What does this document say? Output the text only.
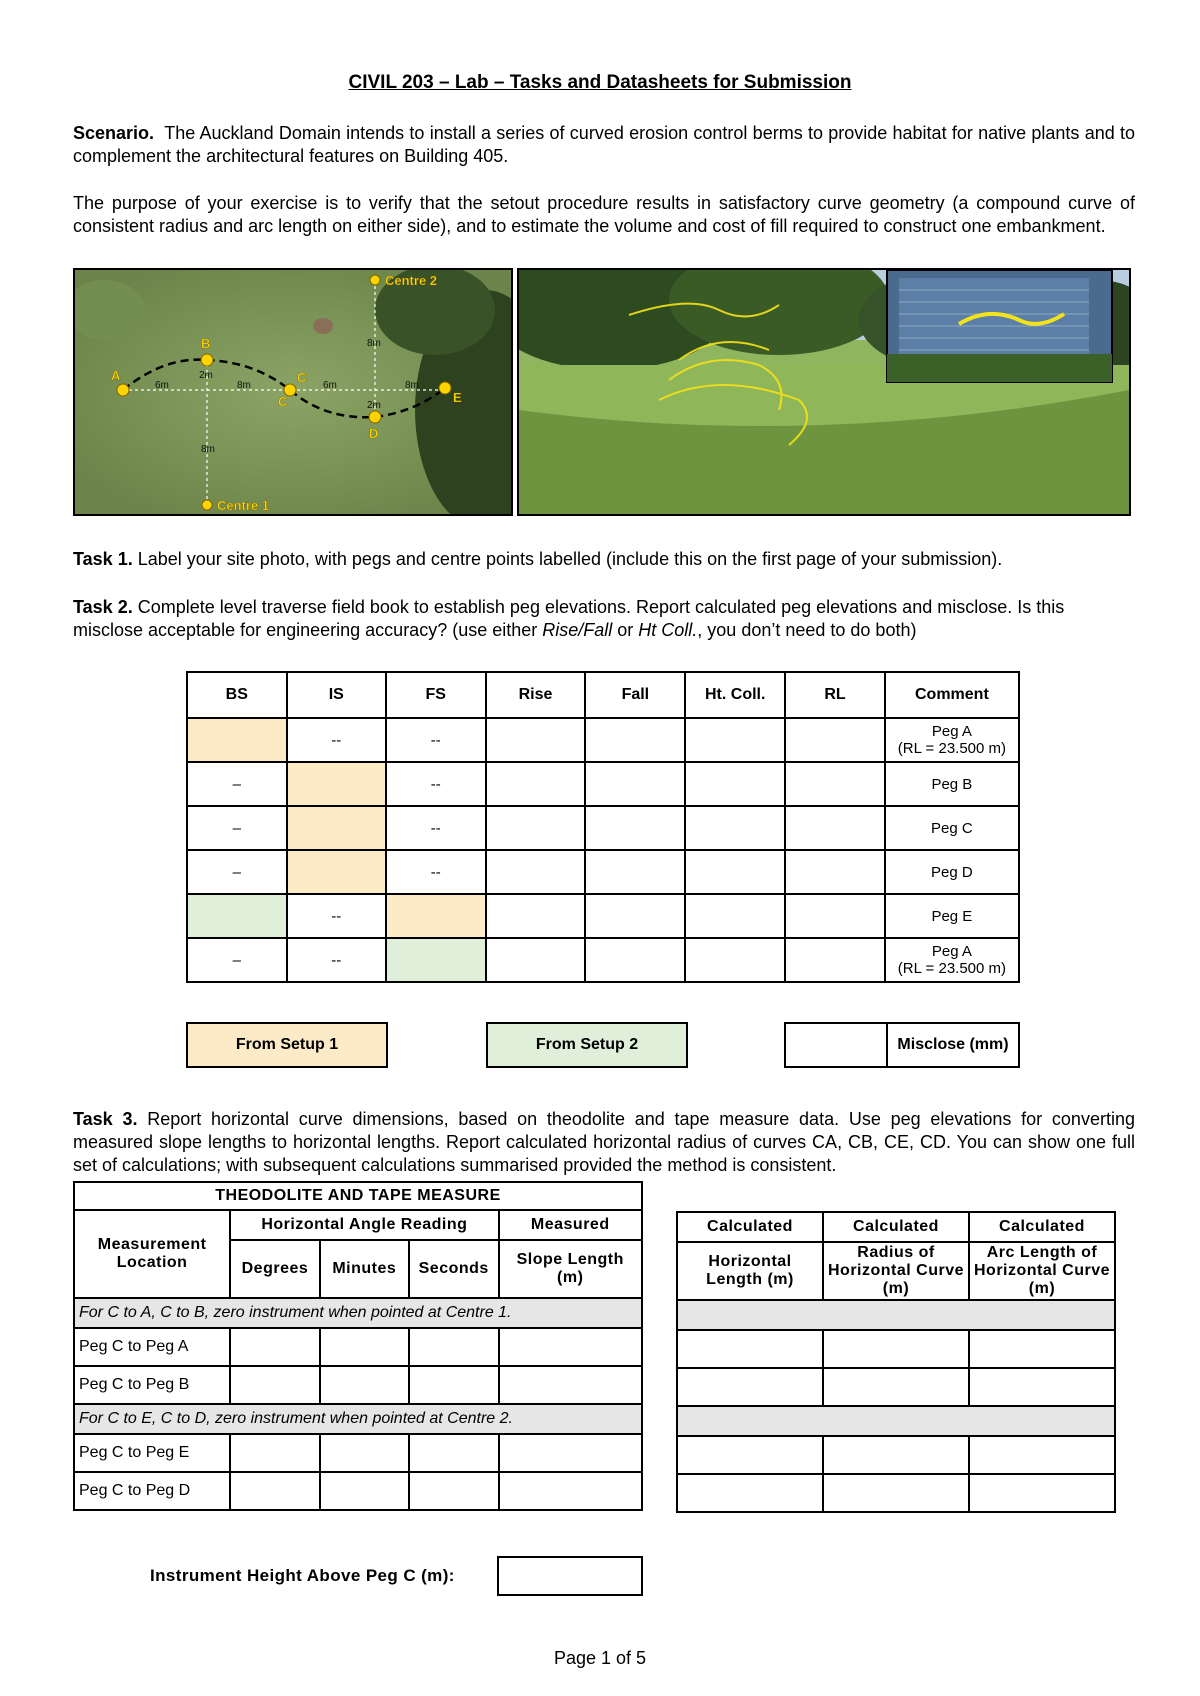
CIVIL 203 – Lab – Tasks and Datasheets for Submission
Scenario. The Auckland Domain intends to install a series of curved erosion control berms to provide habitat for native plants and to complement the architectural features on Building 405.
The purpose of your exercise is to verify that the setout procedure results in satisfactory curve geometry (a compound curve of consistent radius and arc length on either side), and to estimate the volume and cost of fill required to construct one embankment.
Centre 2
Centre 1
A
B
C
C
D
E
6m	8m	6m	8m
2m
2m
8m
8m
Task 1. Label your site photo, with pegs and centre points labelled (include this on the first page of your submission).
Task 2. Complete level traverse field book to establish peg elevations. Report calculated peg elevations and misclose. Is this misclose acceptable for engineering accuracy? (use either Rise/Fall or Ht Coll., you don’t need to do both)
BS	IS	FS	Rise	Fall	Ht. Coll.	RL	Comment
	--	--					Peg A
(RL = 23.500 m)

–		--					Peg B
–		--					Peg C
–		--					Peg D
	--						Peg E
–	--						Peg A
(RL = 23.500 m)
From Setup 1	From Setup 2	Misclose (mm)
Task 3. Report horizontal curve dimensions, based on theodolite and tape measure data. Use peg elevations for converting measured slope lengths to horizontal lengths. Report calculated horizontal radius of curves CA, CB, CE, CD. You can show one full set of calculations; with subsequent calculations summarised provided the method is consistent.
THEODOLITE AND TAPE MEASURE				
Measurement Location	Horizontal Angle Reading			Measured
	Degrees	Minutes	Seconds	Slope Length (m)
For C to A, C to B, zero instrument when pointed at Centre 1.				
Peg C to Peg A				
Peg C to Peg B				
For C to E, C to D, zero instrument when pointed at Centre 2.				
Peg C to Peg E				
Peg C to Peg D				
Calculated	Calculated	Calculated
Horizontal Length (m)	Radius of Horizontal Curve (m)	Arc Length of Horizontal Curve (m)

Instrument Height Above Peg C (m):
Page 1 of 5
